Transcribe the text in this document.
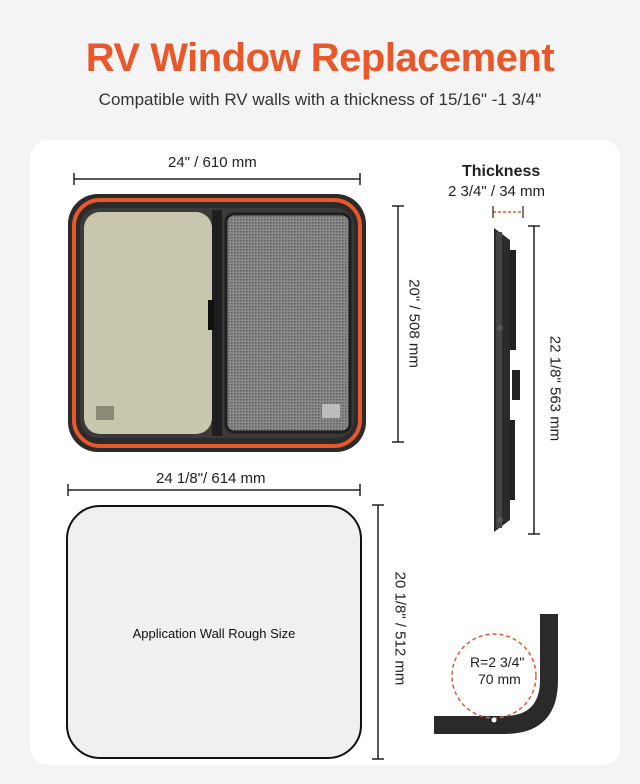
RV Window Replacement
Compatible with RV walls with a thickness of 15/16" -1 3/4"
24" / 610 mm
20" / 508 mm
Thickness
2 3/4" / 34 mm
22 1/8" 563 mm
24 1/8"/ 614 mm
Application Wall Rough Size	20 1/8" / 512 mm	R=2 3/4"
70 mm
